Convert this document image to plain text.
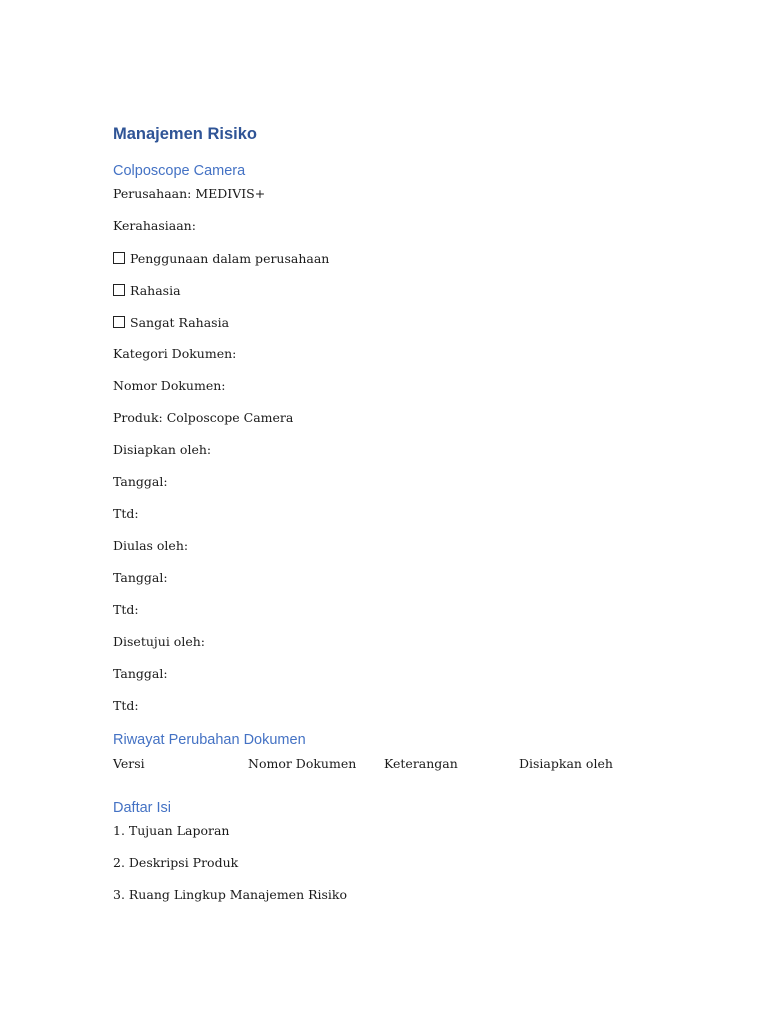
Manajemen Risiko
Colposcope Camera
Perusahaan: MEDIVIS+
Kerahasiaan:
Penggunaan dalam perusahaan
Rahasia
Sangat Rahasia
Kategori Dokumen:
Nomor Dokumen:
Produk: Colposcope Camera
Disiapkan oleh:
Tanggal:
Ttd:
Diulas oleh:
Tanggal:
Ttd:
Disetujui oleh:
Tanggal:
Ttd:
Riwayat Perubahan Dokumen
Versi	Nomor Dokumen Keterangan	Disiapkan oleh
Daftar Isi
1. Tujuan Laporan
2. Deskripsi Produk
3. Ruang Lingkup Manajemen Risiko
